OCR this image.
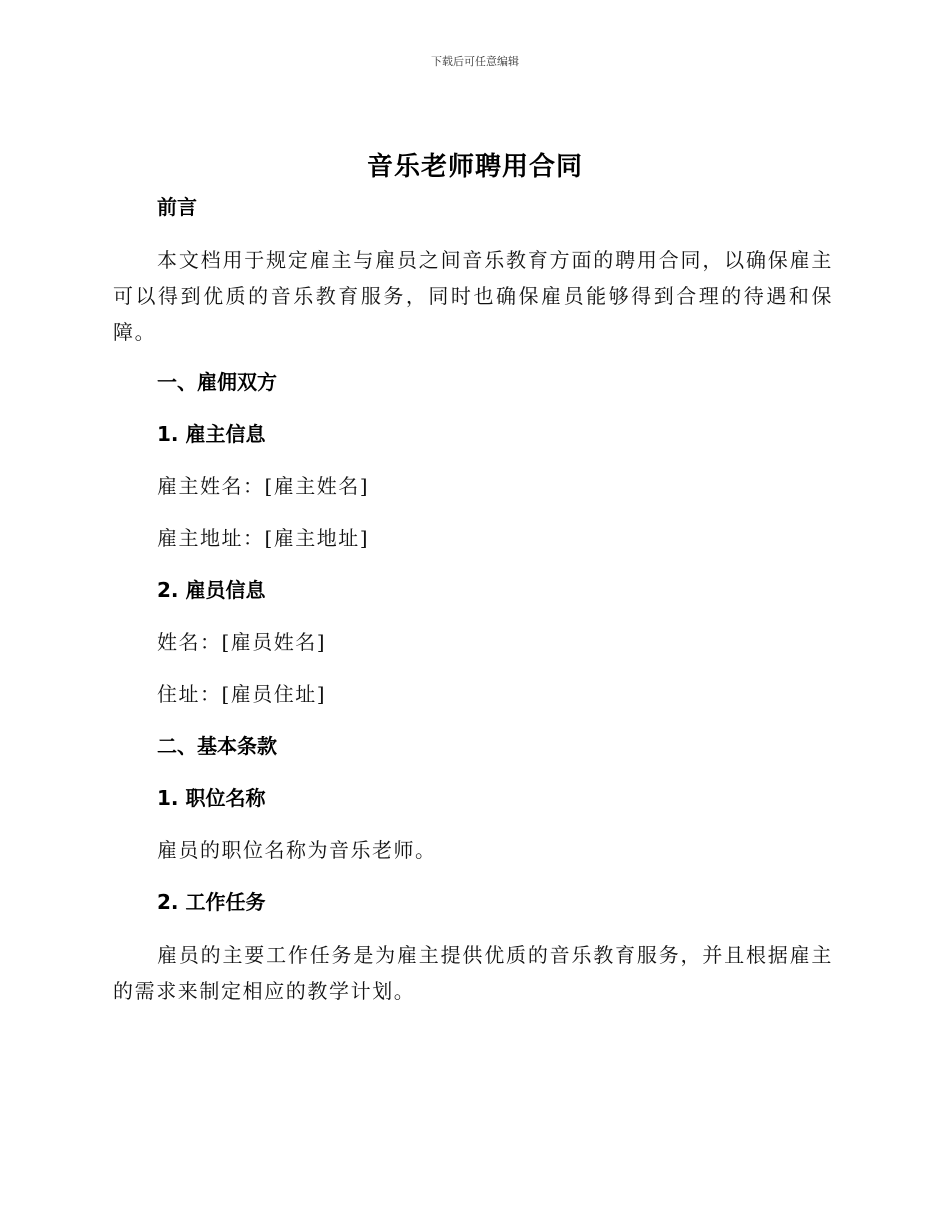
下载后可任意编辑
音乐老师聘用合同
前言

本文档用于规定雇主与雇员之间音乐教育方面的聘用合同，以确保雇主可以得到优质的音乐教育服务，同时也确保雇员能够得到合理的待遇和保障。

一、雇佣双方
1. 雇主信息
雇主姓名：[雇主姓名]
雇主地址：[雇主地址]
2. 雇员信息
姓名：[雇员姓名]
住址：[雇员住址]
二、基本条款
1. 职位名称
雇员的职位名称为音乐老师。
2. 工作任务

雇员的主要工作任务是为雇主提供优质的音乐教育服务，并且根据雇主的需求来制定相应的教学计划。
